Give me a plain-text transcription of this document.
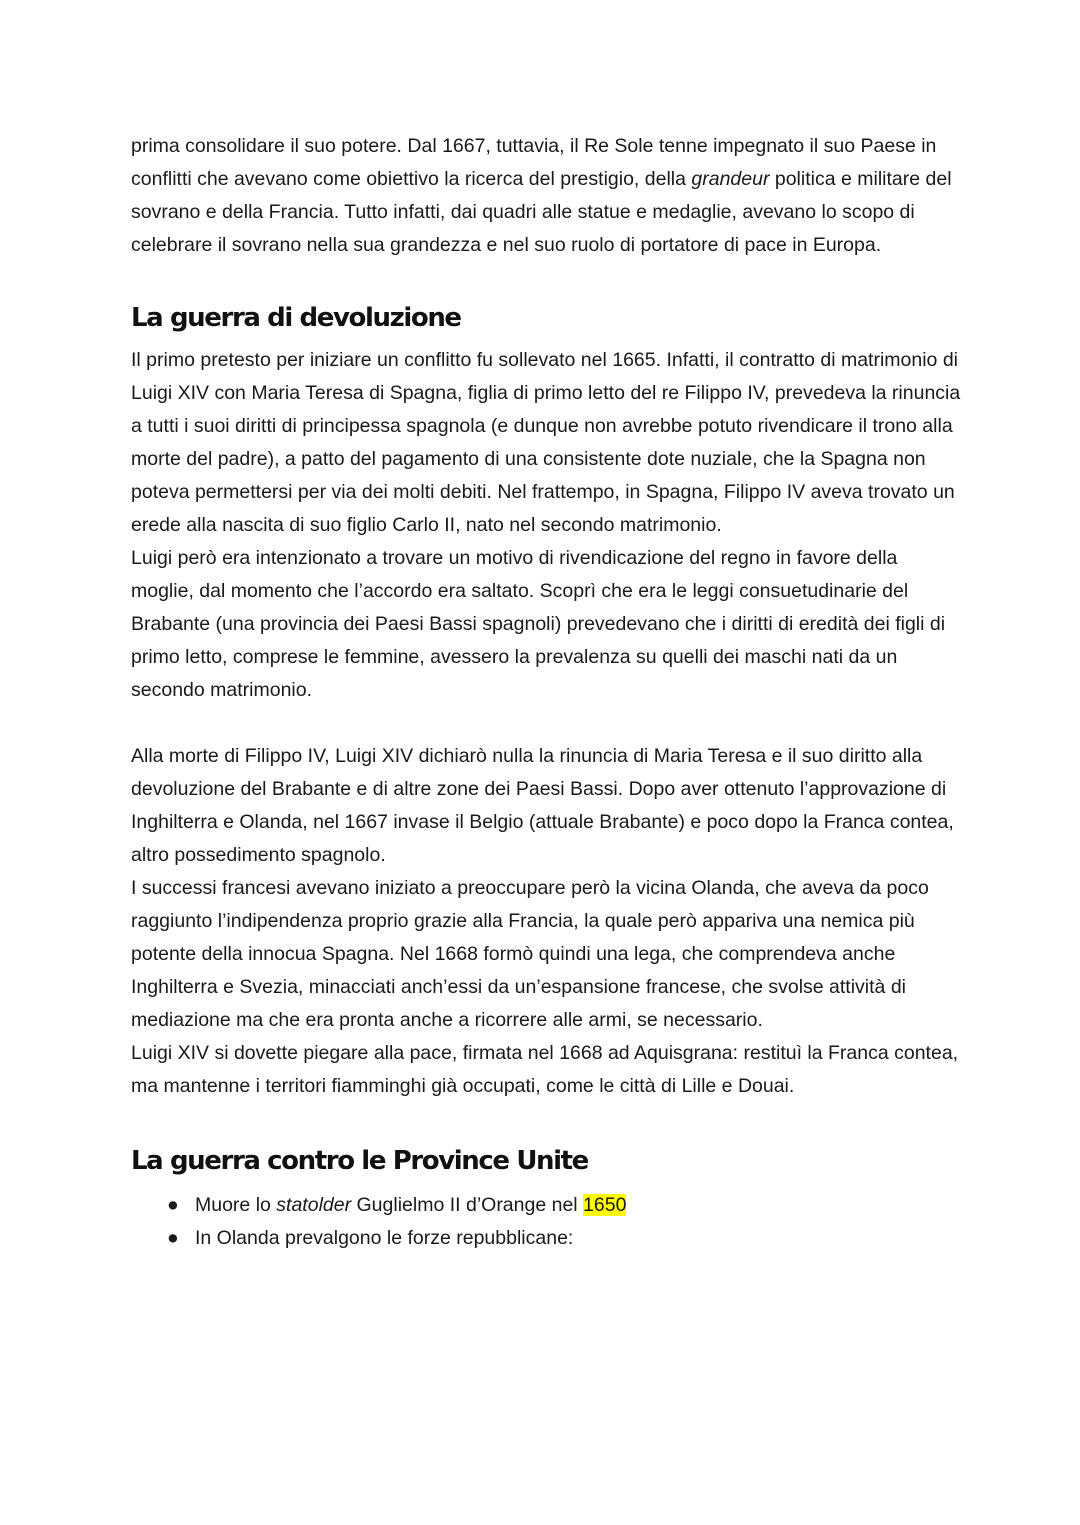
prima consolidare il suo potere. Dal 1667, tuttavia, il Re Sole tenne impegnato il suo Paese in conflitti che avevano come obiettivo la ricerca del prestigio, della grandeur politica e militare del sovrano e della Francia. Tutto infatti, dai quadri alle statue e medaglie, avevano lo scopo di celebrare il sovrano nella sua grandezza e nel suo ruolo di portatore di pace in Europa.

La guerra di devoluzione

Il primo pretesto per iniziare un conflitto fu sollevato nel 1665. Infatti, il contratto di matrimonio di Luigi XIV con Maria Teresa di Spagna, figlia di primo letto del re Filippo IV, prevedeva la rinuncia a tutti i suoi diritti di principessa spagnola (e dunque non avrebbe potuto rivendicare il trono alla morte del padre), a patto del pagamento di una consistente dote nuziale, che la Spagna non poteva permettersi per via dei molti debiti. Nel frattempo, in Spagna, Filippo IV aveva trovato un erede alla nascita di suo figlio Carlo II, nato nel secondo matrimonio.

Luigi però era intenzionato a trovare un motivo di rivendicazione del regno in favore della moglie, dal momento che l’accordo era saltato. Scoprì che era le leggi consuetudinarie del Brabante (una provincia dei Paesi Bassi spagnoli) prevedevano che i diritti di eredità dei figli di primo letto, comprese le femmine, avessero la prevalenza su quelli dei maschi nati da un secondo matrimonio.

Alla morte di Filippo IV, Luigi XIV dichiarò nulla la rinuncia di Maria Teresa e il suo diritto alla devoluzione del Brabante e di altre zone dei Paesi Bassi. Dopo aver ottenuto l’approvazione di Inghilterra e Olanda, nel 1667 invase il Belgio (attuale Brabante) e poco dopo la Franca contea, altro possedimento spagnolo.

I successi francesi avevano iniziato a preoccupare però la vicina Olanda, che aveva da poco raggiunto l’indipendenza proprio grazie alla Francia, la quale però appariva una nemica più potente della innocua Spagna. Nel 1668 formò quindi una lega, che comprendeva anche Inghilterra e Svezia, minacciati anch’essi da un’espansione francese, che svolse attività di mediazione ma che era pronta anche a ricorrere alle armi, se necessario.

Luigi XIV si dovette piegare alla pace, firmata nel 1668 ad Aquisgrana: restituì la Franca contea, ma mantenne i territori fiamminghi già occupati, come le città di Lille e Douai.

La guerra contro le Province Unite
● Muore lo statolder Guglielmo II d’Orange nel 1650
● In Olanda prevalgono le forze repubblicane:
